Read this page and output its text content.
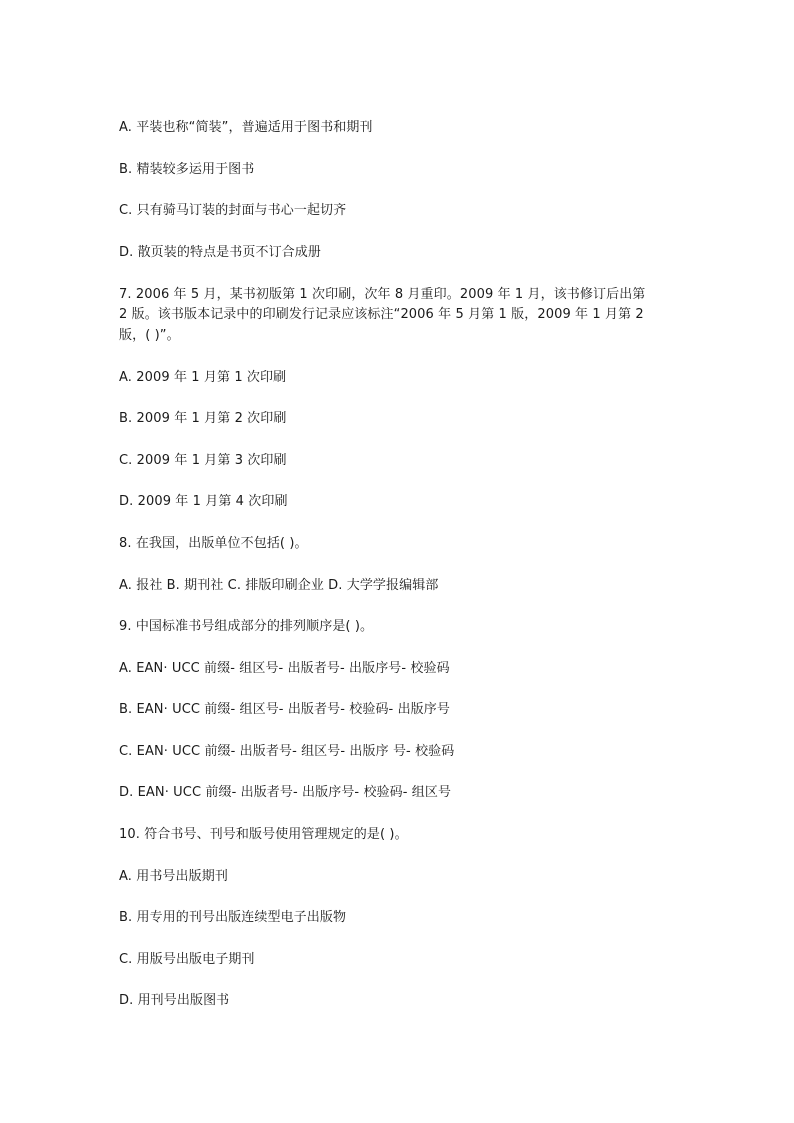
A. 平装也称“简装”，普遍适用于图书和期刊
B. 精装较多运用于图书
C. 只有骑马订装的封面与书心一起切齐
D. 散页装的特点是书页不订合成册
7. 2006 年 5 月，某书初版第 1 次印刷，次年 8 月重印。2009 年 1 月，该书修订后出第
2 版。该书版本记录中的印刷发行记录应该标注“2006 年 5 月第 1 版，2009 年 1 月第 2
版，( )”。
A. 2009 年 1 月第 1 次印刷
B. 2009 年 1 月第 2 次印刷
C. 2009 年 1 月第 3 次印刷
D. 2009 年 1 月第 4 次印刷
8. 在我国，出版单位不包括( )。
A. 报社 B. 期刊社 C. 排版印刷企业 D. 大学学报编辑部
9. 中国标准书号组成部分的排列顺序是( )。
A. EAN· UCC 前缀- 组区号- 出版者号- 出版序号- 校验码
B. EAN· UCC 前缀- 组区号- 出版者号- 校验码- 出版序号
C. EAN· UCC 前缀- 出版者号- 组区号- 出版序 号- 校验码
D. EAN· UCC 前缀- 出版者号- 出版序号- 校验码- 组区号
10. 符合书号、刊号和版号使用管理规定的是( )。
A. 用书号出版期刊
B. 用专用的刊号出版连续型电子出版物
C. 用版号出版电子期刊
D. 用刊号出版图书
